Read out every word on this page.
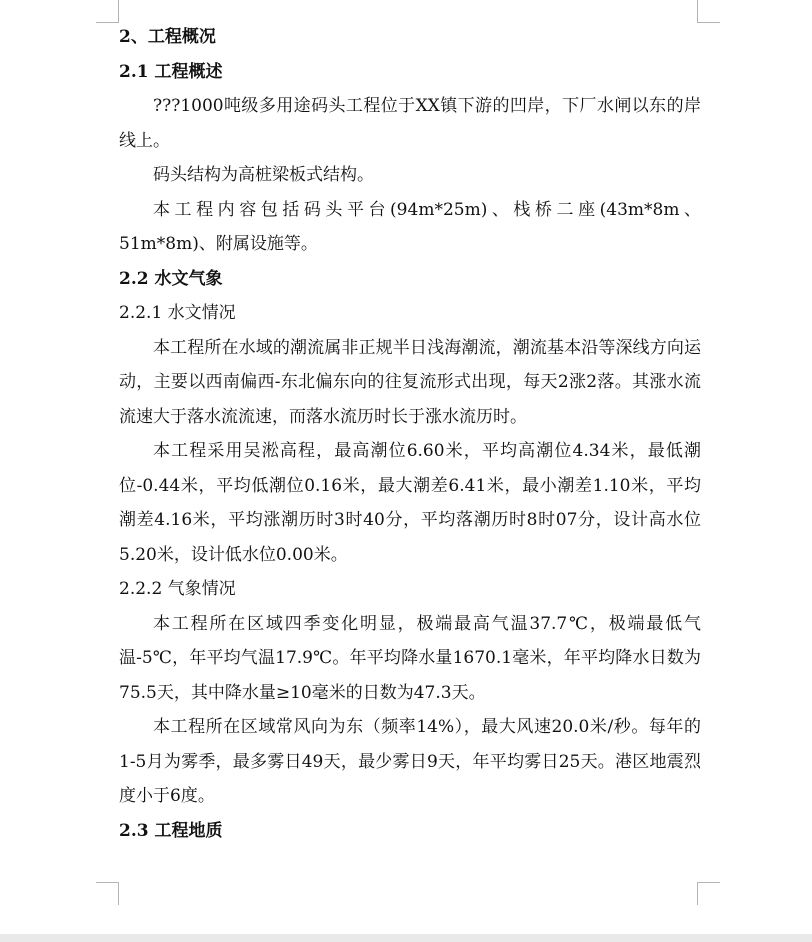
2、工程概况

2.1 工程概述

???1000吨级多用途码头工程位于XX镇下游的凹岸，下厂水闸以东的岸线上。

码头结构为高桩梁板式结构。

本工程内容包括码头平台(94m*25m)、栈桥二座(43m*8m、51m*8m)、附属设施等。

2.2 水文气象

2.2.1 水文情况

本工程所在水域的潮流属非正规半日浅海潮流，潮流基本沿等深线方向运动，主要以西南偏西-东北偏东向的往复流形式出现，每天2涨2落。其涨水流流速大于落水流流速，而落水流历时长于涨水流历时。

本工程采用吴淞高程，最高潮位6.60米，平均高潮位4.34米，最低潮位-0.44米，平均低潮位0.16米，最大潮差6.41米，最小潮差1.10米，平均潮差4.16米，平均涨潮历时3时40分，平均落潮历时8时07分，设计高水位5.20米，设计低水位0.00米。

2.2.2 气象情况

本工程所在区域四季变化明显，极端最高气温37.7℃，极端最低气温-5℃，年平均气温17.9℃。年平均降水量1670.1毫米，年平均降水日数为75.5天，其中降水量≥10毫米的日数为47.3天。

本工程所在区域常风向为东（频率14%），最大风速20.0米/秒。每年的1-5月为雾季，最多雾日49天，最少雾日9天，年平均雾日25天。港区地震烈度小于6度。

2.3 工程地质
